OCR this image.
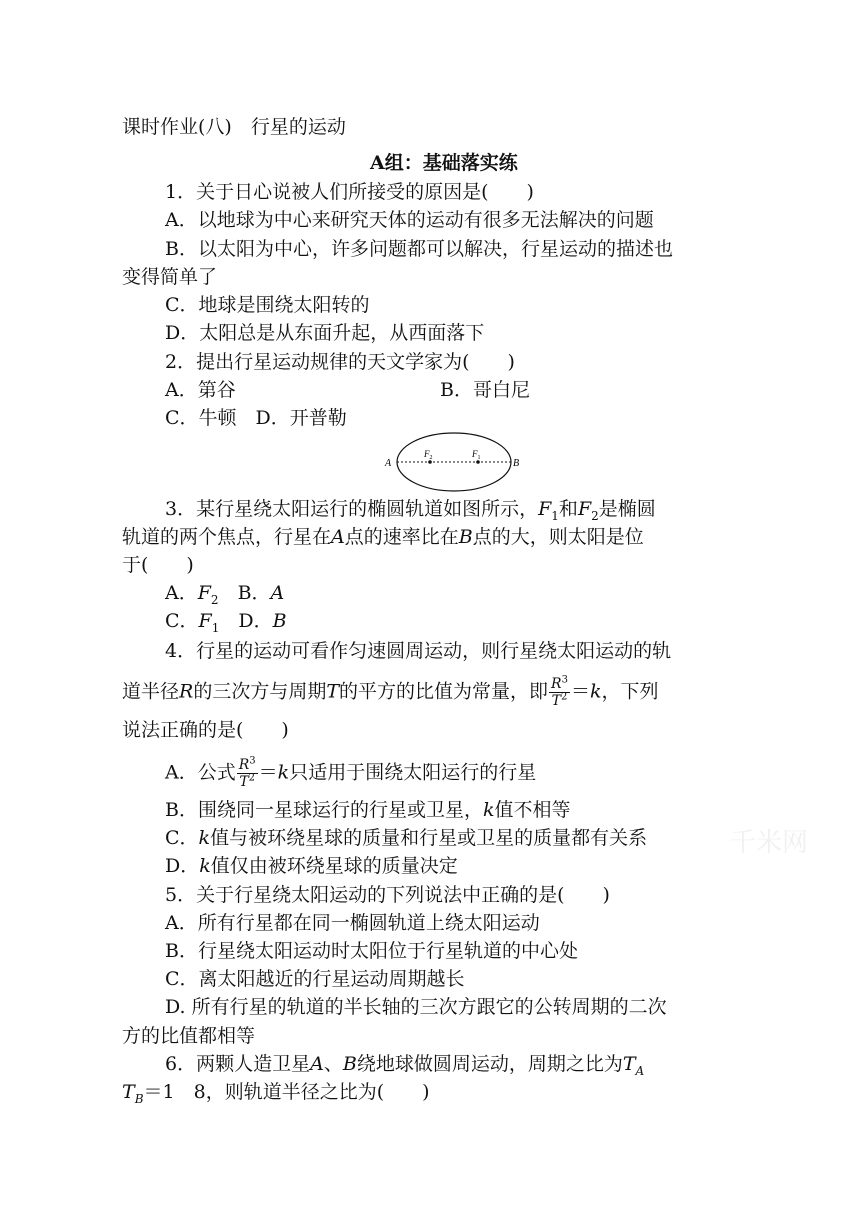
课时作业(八)　行星的运动
A组：基础落实练
1．关于日心说被人们所接受的原因是(　　)
A．以地球为中心来研究天体的运动有很多无法解决的问题
B．以太阳为中心，许多问题都可以解决，行星运动的描述也
变得简单了
C．地球是围绕太阳转的
D．太阳总是从东面升起，从西面落下
2．提出行星运动规律的天文学家为(　　)
A．第谷	B．哥白尼
C．牛顿　D．开普勒
A	B
$F_2$	$F_1$
3．某行星绕太阳运行的椭圆轨道如图所示，$F_1$和$F_2$是椭圆
轨道的两个焦点，行星在A点的速率比在B点的大，则太阳是位
于(　　)
A．$F_2$　B．A
C．$F_1$　D．B
4．行星的运动可看作匀速圆周运动，则行星绕太阳运动的轨
道半径R的三次方与周期T的平方的比值为常量，即 $\frac{R^3}{T^2} =k$，下列
说法正确的是(　　)
A．公式 $\frac{R^3}{T^2} =k$只适用于围绕太阳运行的行星
B．围绕同一星球运行的行星或卫星，k值不相等
C．k值与被环绕星球的质量和行星或卫星的质量都有关系
D．k值仅由被环绕星球的质量决定
千米网
5．关于行星绕太阳运动的下列说法中正确的是(　　)
A．所有行星都在同一椭圆轨道上绕太阳运动
B．行星绕太阳运动时太阳位于行星轨道的中心处
C．离太阳越近的行星运动周期越长
D. 所有行星的轨道的半长轴的三次方跟它的公转周期的二次
方的比值都相等
6．两颗人造卫星A、B绕地球做圆周运动，周期之比为$T_A$
$T_B=1$　8，则轨道半径之比为(　　)
